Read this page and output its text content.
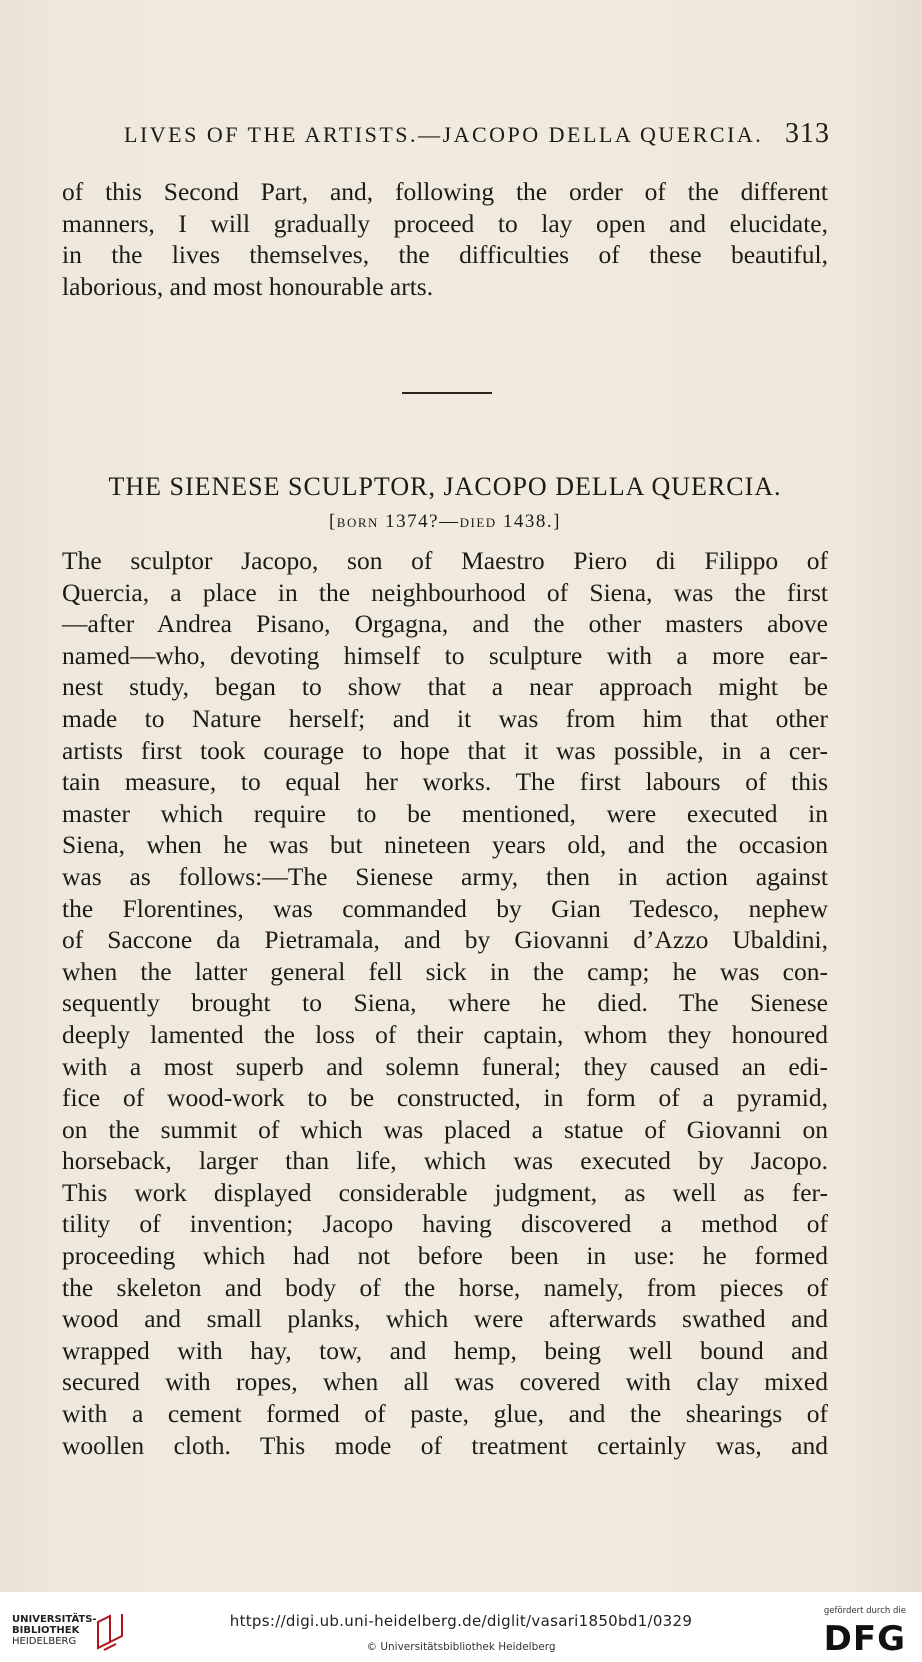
LIVES OF THE ARTISTS.—JACOPO DELLA QUERCIA. 313
of this Second Part, and, following the order of the different
manners, I will gradually proceed to lay open and elucidate,
in the lives themselves, the difficulties of these beautiful,
laborious, and most honourable arts.
THE SIENESE SCULPTOR, JACOPO DELLA QUERCIA.
[born 1374?—died 1438.]
The sculptor Jacopo, son of Maestro Piero di Filippo of
Quercia, a place in the neighbourhood of Siena, was the first
—after Andrea Pisano, Orgagna, and the other masters above
named—who, devoting himself to sculpture with a more ear-
nest study, began to show that a near approach might be
made to Nature herself; and it was from him that other
artists first took courage to hope that it was possible, in a cer-
tain measure, to equal her works. The first labours of this
master which require to be mentioned, were executed in
Siena, when he was but nineteen years old, and the occasion
was as follows:—The Sienese army, then in action against
the Florentines, was commanded by Gian Tedesco, nephew
of Saccone da Pietramala, and by Giovanni d’Azzo Ubaldini,
when the latter general fell sick in the camp; he was con-
sequently brought to Siena, where he died. The Sienese
deeply lamented the loss of their captain, whom they honoured
with a most superb and solemn funeral; they caused an edi-
fice of wood-work to be constructed, in form of a pyramid,
on the summit of which was placed a statue of Giovanni on
horseback, larger than life, which was executed by Jacopo.
This work displayed considerable judgment, as well as fer-
tility of invention; Jacopo having discovered a method of
proceeding which had not before been in use: he formed
the skeleton and body of the horse, namely, from pieces of
wood and small planks, which were afterwards swathed and
wrapped with hay, tow, and hemp, being well bound and
secured with ropes, when all was covered with clay mixed
with a cement formed of paste, glue, and the shearings of
woollen cloth. This mode of treatment certainly was, and
UNIVERSITÄTS-
BIBLIOTHEK
HEIDELBERG
https://digi.ub.uni-heidelberg.de/diglit/vasari1850bd1/0329
© Universitätsbibliothek Heidelberg
gefördert durch die
DFG
